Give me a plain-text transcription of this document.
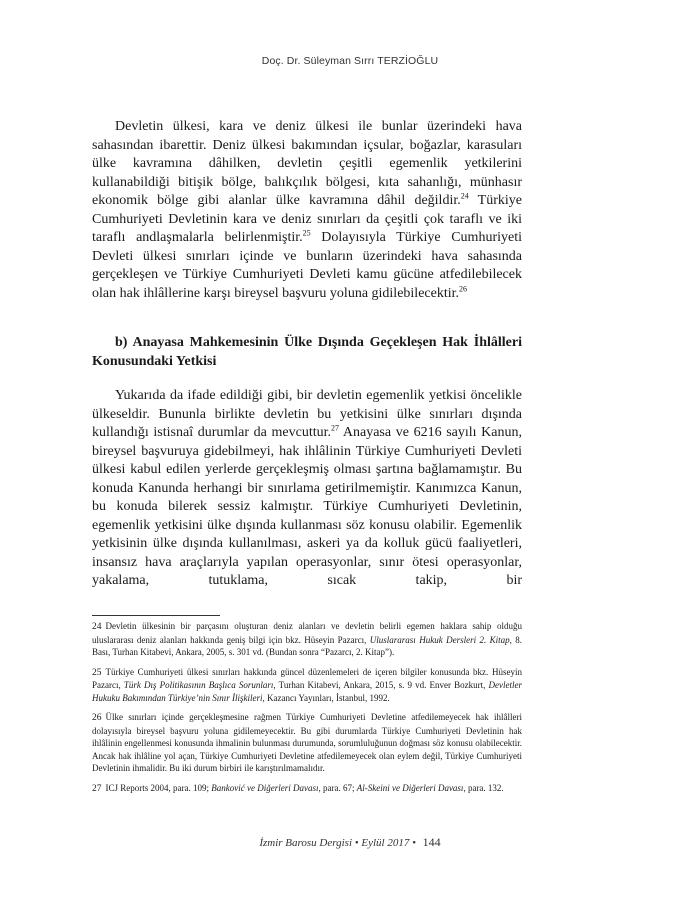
Doç. Dr. Süleyman Sırrı TERZİOĞLU

Devletin ülkesi, kara ve deniz ülkesi ile bunlar üzerindeki hava sahasından ibarettir. Deniz ülkesi bakımından içsular, boğazlar, karasuları ülke kavramına dâhilken, devletin çeşitli egemenlik yetkilerini kullanabildiği bitişik bölge, balıkçılık bölgesi, kıta sahanlığı, münhasır ekonomik bölge gibi alanlar ülke kavramına dâhil değildir.$^{24}$ Türkiye Cumhuriyeti Devletinin kara ve deniz sınırları da çeşitli çok taraflı ve iki taraflı andlaşmalarla belirlenmiştir.$^{25}$ Dolayısıyla Türkiye Cumhuriyeti Devleti ülkesi sınırları içinde ve bunların üzerindeki hava sahasında gerçekleşen ve Türkiye Cumhuriyeti Devleti kamu gücüne atfedilebilecek olan hak ihlâllerine karşı bireysel başvuru yoluna gidilebilecektir.$^{26}$

b) Anayasa Mahkemesinin Ülke Dışında Geçekleşen Hak İhlâlleri Konusundaki Yetkisi

Yukarıda da ifade edildiği gibi, bir devletin egemenlik yetkisi öncelikle ülkeseldir. Bununla birlikte devletin bu yetkisini ülke sınırları dışında kullandığı istisnaî durumlar da mevcuttur.$^{27}$ Anayasa ve 6216 sayılı Kanun, bireysel başvuruya gidebilmeyi, hak ihlâlinin Türkiye Cumhuriyeti Devleti ülkesi kabul edilen yerlerde gerçekleşmiş olması şartına bağlamamıştır. Bu konuda Kanunda herhangi bir sınırlama getirilmemiştir. Kanımızca Kanun, bu konuda bilerek sessiz kalmıştır. Türkiye Cumhuriyeti Devletinin, egemenlik yetkisini ülke dışında kullanması söz konusu olabilir. Egemenlik yetkisinin ülke dışında kullanılması, askeri ya da kolluk gücü faaliyetleri, insansız hava araçlarıyla yapılan operasyonlar, sınır ötesi operasyonlar, yakalama, tutuklama, sıcak takip, bir

24 Devletin ülkesinin bir parçasını oluşturan deniz alanları ve devletin belirli egemen haklara sahip olduğu uluslararası deniz alanları hakkında geniş bilgi için bkz. Hüseyin Pazarcı, Uluslararası Hukuk Dersleri 2. Kitap, 8. Bası, Turhan Kitabevi, Ankara, 2005, s. 301 vd. (Bundan sonra “Pazarcı, 2. Kitap”).

25 Türkiye Cumhuriyeti ülkesi sınırları hakkında güncel düzenlemeleri de içeren bilgiler konusunda bkz. Hüseyin Pazarcı, Türk Dış Politikasının Başlıca Sorunları, Turhan Kitabevi, Ankara, 2015, s. 9 vd. Enver Bozkurt, Devletler Hukuku Bakımından Türkiye’nin Sınır İlişkileri, Kazancı Yayınları, İstanbul, 1992.

26 Ülke sınırları içinde gerçekleşmesine rağmen Türkiye Cumhuriyeti Devletine atfedilemeyecek hak ihlâlleri dolayısıyla bireysel başvuru yoluna gidilemeyecektir. Bu gibi durumlarda Türkiye Cumhuriyeti Devletinin hak ihlâlinin engellenmesi konusunda ihmalinin bulunması durumunda, sorumluluğunun doğması söz konusu olabilecektir. Ancak hak ihlâline yol açan, Türkiye Cumhuriyeti Devletine atfedilemeyecek olan eylem değil, Türkiye Cumhuriyeti Devletinin ihmalidir. Bu iki durum birbiri ile karıştırılmamalıdır.

27 ICJ Reports 2004, para. 109; Banković ve Diğerleri Davası, para. 67; Al-Skeini ve Diğerleri Davası, para. 132.

İzmir Barosu Dergisi • Eylül 2017 • 144
